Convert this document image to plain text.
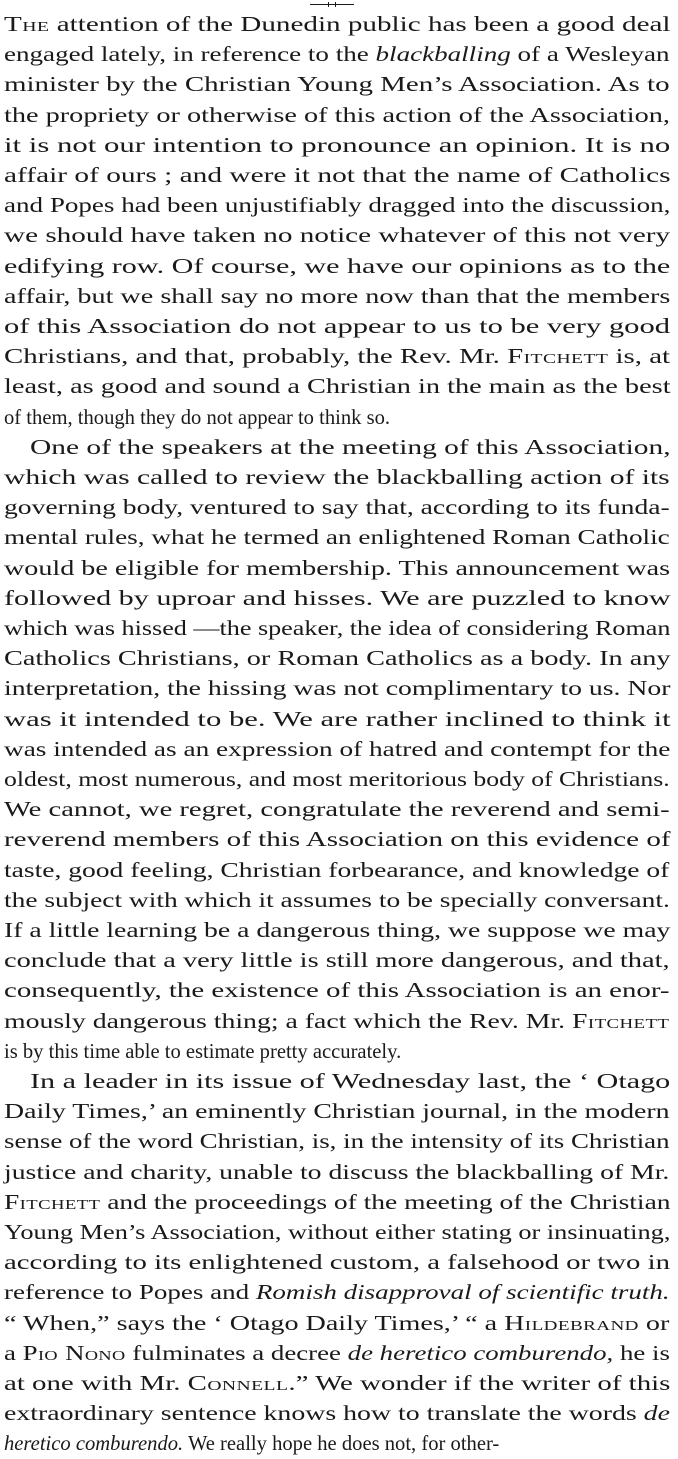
The attention of the Dunedin public has been a good deal
engaged lately, in reference to the blackballing of a Wesleyan
minister by the Christian Young Men’s Association. As to
the propriety or otherwise of this action of the Association,
it is not our intention to pronounce an opinion. It is no
affair of ours ; and were it not that the name of Catholics
and Popes had been unjustifiably dragged into the discussion,
we should have taken no notice whatever of this not very
edifying row. Of course, we have our opinions as to the
affair, but we shall say no more now than that the members
of this Association do not appear to us to be very good
Christians, and that, probably, the Rev. Mr. Fitchett is, at
least, as good and sound a Christian in the main as the best
of them, though they do not appear to think so.
One of the speakers at the meeting of this Association,
which was called to review the blackballing action of its
governing body, ventured to say that, according to its funda-
mental rules, what he termed an enlightened Roman Catholic
would be eligible for membership. This announcement was
followed by uproar and hisses. We are puzzled to know
which was hissed —the speaker, the idea of considering Roman
Catholics Christians, or Roman Catholics as a body. In any
interpretation, the hissing was not complimentary to us. Nor
was it intended to be. We are rather inclined to think it
was intended as an expression of hatred and contempt for the
oldest, most numerous, and most meritorious body of Christians.
We cannot, we regret, congratulate the reverend and semi-
reverend members of this Association on this evidence of
taste, good feeling, Christian forbearance, and knowledge of
the subject with which it assumes to be specially conversant.
If a little learning be a dangerous thing, we suppose we may
conclude that a very little is still more dangerous, and that,
consequently, the existence of this Association is an enor-
mously dangerous thing; a fact which the Rev. Mr. Fitchett
is by this time able to estimate pretty accurately.
In a leader in its issue of Wednesday last, the ‘ Otago
Daily Times,’ an eminently Christian journal, in the modern
sense of the word Christian, is, in the intensity of its Christian
justice and charity, unable to discuss the blackballing of Mr.
Fitchett and the proceedings of the meeting of the Christian
Young Men’s Association, without either stating or insinuating,
according to its enlightened custom, a falsehood or two in
reference to Popes and Romish disapproval of scientific truth.
“ When,” says the ‘ Otago Daily Times,’ “ a Hildebrand or
a Pio Nono fulminates a decree de heretico comburendo, he is
at one with Mr. Connell.” We wonder if the writer of this
extraordinary sentence knows how to translate the words de
heretico comburendo. We really hope he does not, for other-
